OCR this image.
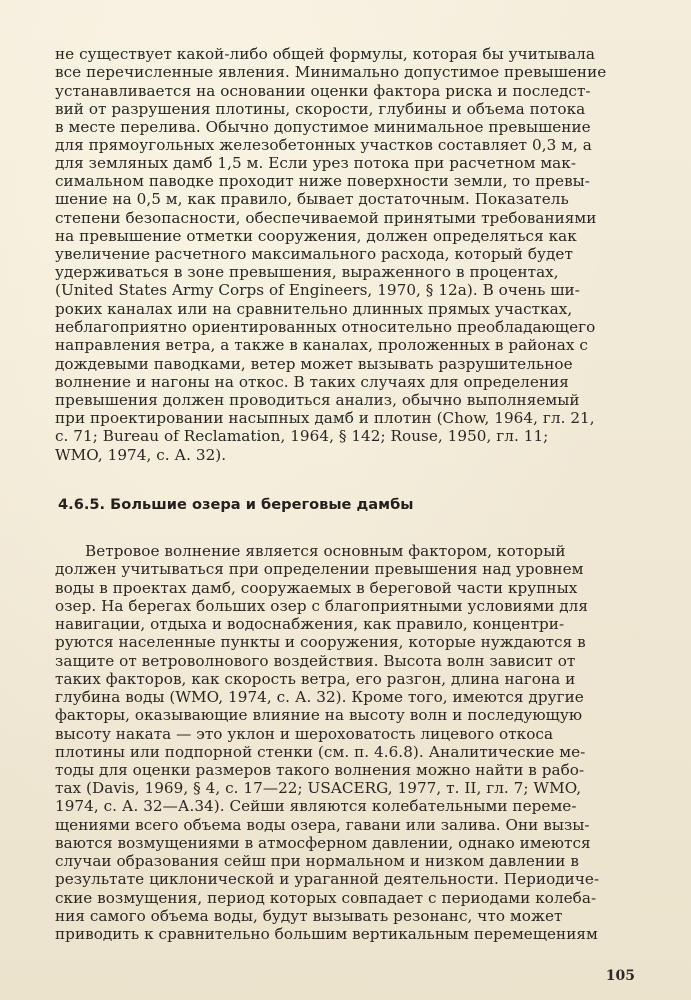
не существует какой-либо общей формулы, которая бы учитывала
все перечисленные явления. Минимально допустимое превышение
устанавливается на основании оценки фактора риска и последст-
вий от разрушения плотины, скорости, глубины и объема потока
в месте перелива. Обычно допустимое минимальное превышение
для прямоугольных железобетонных участков составляет 0,3 м, а
для земляных дамб 1,5 м. Если урез потока при расчетном мак-
симальном паводке проходит ниже поверхности земли, то превы-
шение на 0,5 м, как правило, бывает достаточным. Показатель
степени безопасности, обеспечиваемой принятыми требованиями
на превышение отметки сооружения, должен определяться как
увеличение расчетного максимального расхода, который будет
удерживаться в зоне превышения, выраженного в процентах,
(United States Army Corps of Engineers, 1970, § 12a). В очень ши-
роких каналах или на сравнительно длинных прямых участках,
неблагоприятно ориентированных относительно преобладающего
направления ветра, а также в каналах, проложенных в районах с
дождевыми паводками, ветер может вызывать разрушительное
волнение и нагоны на откос. В таких случаях для определения
превышения должен проводиться анализ, обычно выполняемый
при проектировании насыпных дамб и плотин (Chow, 1964, гл. 21,
с. 71; Bureau of Reclamation, 1964, § 142; Rouse, 1950, гл. 11;
WMO, 1974, с. А. 32).
4.6.5. Большие озера и береговые дамбы
Ветровое волнение является основным фактором, который
должен учитываться при определении превышения над уровнем
воды в проектах дамб, сооружаемых в береговой части крупных
озер. На берегах больших озер с благоприятными условиями для
навигации, отдыха и водоснабжения, как правило, концентри-
руются населенные пункты и сооружения, которые нуждаются в
защите от ветроволнового воздействия. Высота волн зависит от
таких факторов, как скорость ветра, его разгон, длина нагона и
глубина воды (WMO, 1974, с. А. 32). Кроме того, имеются другие
факторы, оказывающие влияние на высоту волн и последующую
высоту наката — это уклон и шероховатость лицевого откоса
плотины или подпорной стенки (см. п. 4.6.8). Аналитические ме-
тоды для оценки размеров такого волнения можно найти в рабо-
тах (Davis, 1969, § 4, с. 17—22; USACERG, 1977, т. II, гл. 7; WMO,
1974, с. А. 32—А.34). Сейши являются колебательными переме-
щениями всего объема воды озера, гавани или залива. Они вызы-
ваются возмущениями в атмосферном давлении, однако имеются
случаи образования сейш при нормальном и низком давлении в
результате циклонической и ураганной деятельности. Периодиче-
ские возмущения, период которых совпадает с периодами колеба-
ния самого объема воды, будут вызывать резонанс, что может
приводить к сравнительно большим вертикальным перемещениям
105
